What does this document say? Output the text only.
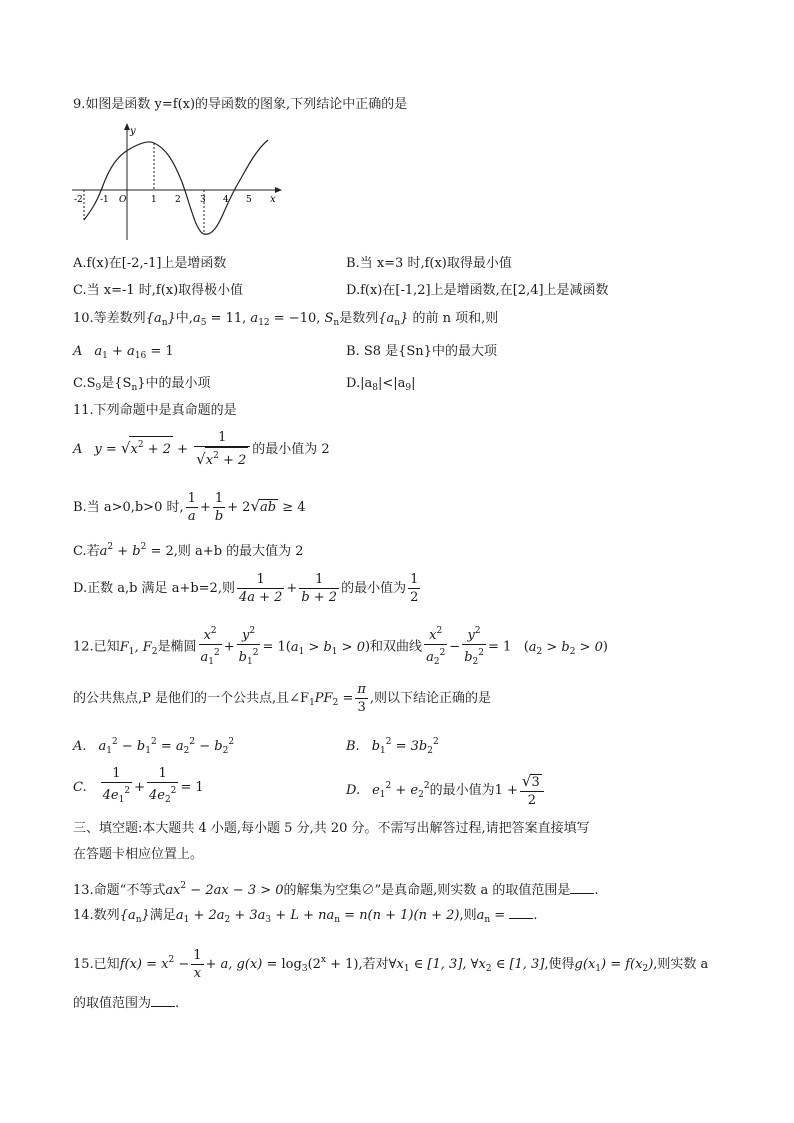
9.如图是函数 y=f(x)的导函数的图象,下列结论中正确的是
y
x
-2 -1 O	1 2 3 4 5
A.f(x)在[-2,-1]上是增函数	B.当 x=3 时,f(x)取得最小值
C.当 x=-1 时,f(x)取得极小值	D.f(x)在[-1,2]上是增函数,在[2,4]上是减函数
10.等差数列$\{a_n\}$中$,a_5 = 11$, $a_{12} = -10$, $S_n$是数列$\{a_n\}$ 的前 n 项和,则
A $a_1 + a_{16} = 1$	B. S8 是{Sn}中的最大项
$C.S_9$是$\{S_n\}$中的最小项	$D.|a_8|<|a_9|$
11.下列命题中是真命题的是
A $y = √x^2 + 2 + \frac{1}{√x^2 + 2}$ 的最小值为 2
B.当 a>0,b>0 时, $\frac{1}{a} + \frac{1}{b} + 2√ab \ge 4$
C.若$a^2 + b^2 = 2$,则 a+b 的最大值为 2
D.正数 a,b 满足 a+b=2,则 $\frac{1}{4a + 2} + \frac{1}{b + 2}$ 的最小值为 $\frac{1}{2}$
12.已知$F_1$, $F_2$是椭圆 $\frac{x^2}{a_1^2} + \frac{y^2}{b_1^2} = 1(a_1 > b_1 > 0)$和双曲线 $\frac{x^2}{a_2^2} - \frac{y^2}{b_2^2} = 1$   $(a_2 > b_2 > 0)$
的公共焦点,P 是他们的一个公共点,且$\angle F_1PF_2 = \frac{\pi}{3}$ ,则以下结论正确的是
A. $a_1^2 - b_1^2 = a_2^2 - b_2^2$	B. $b_1^2 = 3b_2^2$
C. $\frac{1}{4e_1^2} + \frac{1}{4e_2^2} = 1$	D. $e_1^2 + e_2^2$的最小值为$1 + \frac{√3}{2}$
三、填空题:本大题共 4 小题,每小题 5 分,共 20 分。不需写出解答过程,请把答案直接填写
在答题卡相应位置上。
13.命题“不等式$ax^2 - 2ax - 3 > 0$的解集为空集∅”是真命题,则实数 a 的取值范围是 .
14.数列$\{a_n\}$满足$a_1 + 2a_2 + 3a_3 + L + na_n = n(n + 1)(n + 2)$,则$a_n$ = .
15.已知$f(x) = x^2 - \frac{1}{x} + a$, $g(x) = \log_3(2^x + 1)$,若对$\forall x_1$ ∈ [1, 3], $\forall x_2$ ∈ [1, 3],使得$g(x_1) = f(x_2)$,则实数 a
的取值范围为 .
